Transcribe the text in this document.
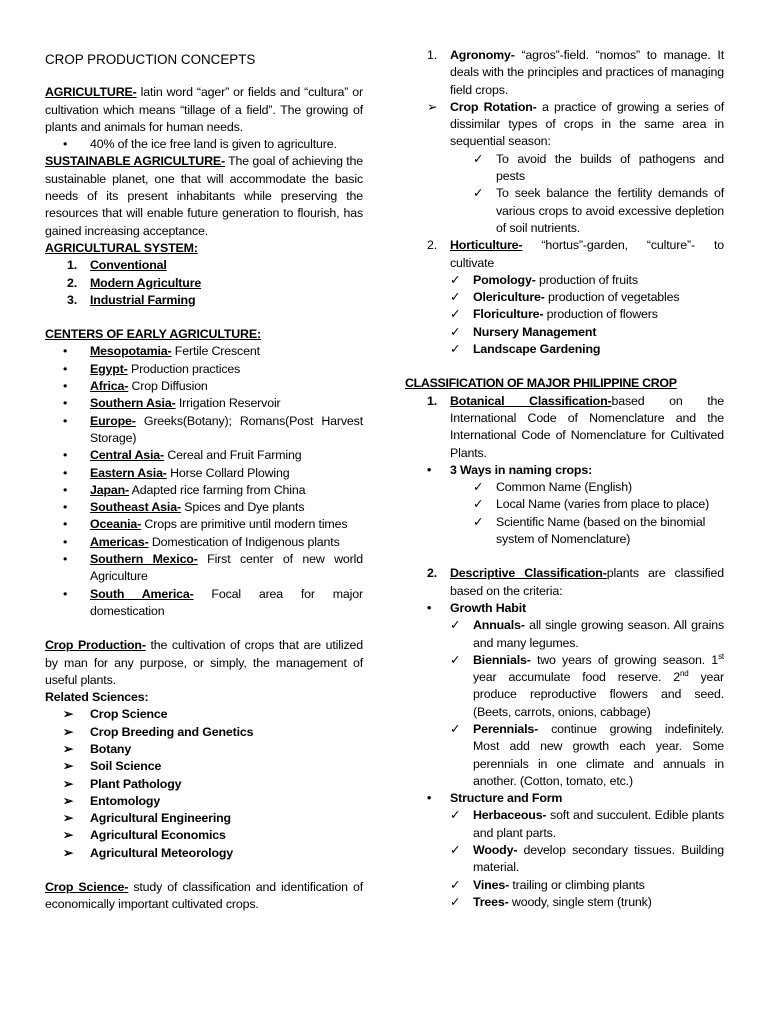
CROP PRODUCTION CONCEPTS

AGRICULTURE- latin word “ager” or fields and “cultura” or cultivation which means “tillage of a field”. The growing of plants and animals for human needs.

• 40% of the ice free land is given to agriculture.

SUSTAINABLE AGRICULTURE- The goal of achieving the sustainable planet, one that will accommodate the basic needs of its present inhabitants while preserving the resources that will enable future generation to flourish, has gained increasing acceptance.

AGRICULTURAL SYSTEM:

1. Conventional
2. Modern Agriculture
3. Industrial Farming

CENTERS OF EARLY AGRICULTURE:

• Mesopotamia- Fertile Crescent
• Egypt- Production practices
• Africa- Crop Diffusion
• Southern Asia- Irrigation Reservoir
• Europe- Greeks(Botany); Romans(Post Harvest Storage)
• Central Asia- Cereal and Fruit Farming
• Eastern Asia- Horse Collard Plowing
• Japan- Adapted rice farming from China
• Southeast Asia- Spices and Dye plants
• Oceania- Crops are primitive until modern times
• Americas- Domestication of Indigenous plants
• Southern Mexico- First center of new world Agriculture
• South America- Focal area for major domestication

Crop Production- the cultivation of crops that are utilized by man for any purpose, or simply, the management of useful plants.

Related Sciences:

➢ Crop Science
➢ Crop Breeding and Genetics
➢ Botany
➢ Soil Science
➢ Plant Pathology
➢ Entomology
➢ Agricultural Engineering
➢ Agricultural Economics
➢ Agricultural Meteorology

Crop Science- study of classification and identification of economically important cultivated crops.

1. Agronomy- “agros”-field. “nomos” to manage. It deals with the principles and practices of managing field crops.
➢ Crop Rotation- a practice of growing a series of dissimilar types of crops in the same area in sequential season:
✓ To avoid the builds of pathogens and pests
✓ To seek balance the fertility demands of various crops to avoid excessive depletion of soil nutrients.
2. Horticulture- “hortus”-garden, “culture”- to cultivate
✓ Pomology- production of fruits
✓ Olericulture- production of vegetables
✓ Floriculture- production of flowers
✓ Nursery Management
✓ Landscape Gardening

CLASSIFICATION OF MAJOR PHILIPPINE CROP

1. Botanical Classification-based on the International Code of Nomenclature and the International Code of Nomenclature for Cultivated Plants.
• 3 Ways in naming crops:
✓ Common Name (English)
✓ Local Name (varies from place to place)
✓ Scientific Name (based on the binomial system of Nomenclature)
2. Descriptive Classification-plants are classified based on the criteria:
• Growth Habit
✓ Annuals- all single growing season. All grains and many legumes.
✓ Biennials- two years of growing season. 1st year accumulate food reserve. 2nd year produce reproductive flowers and seed. (Beets, carrots, onions, cabbage)
✓ Perennials- continue growing indefinitely. Most add new growth each year. Some perennials in one climate and annuals in another. (Cotton, tomato, etc.)
• Structure and Form
✓ Herbaceous- soft and succulent. Edible plants and plant parts.
✓ Woody- develop secondary tissues. Building material.
✓ Vines- trailing or climbing plants
✓ Trees- woody, single stem (trunk)
